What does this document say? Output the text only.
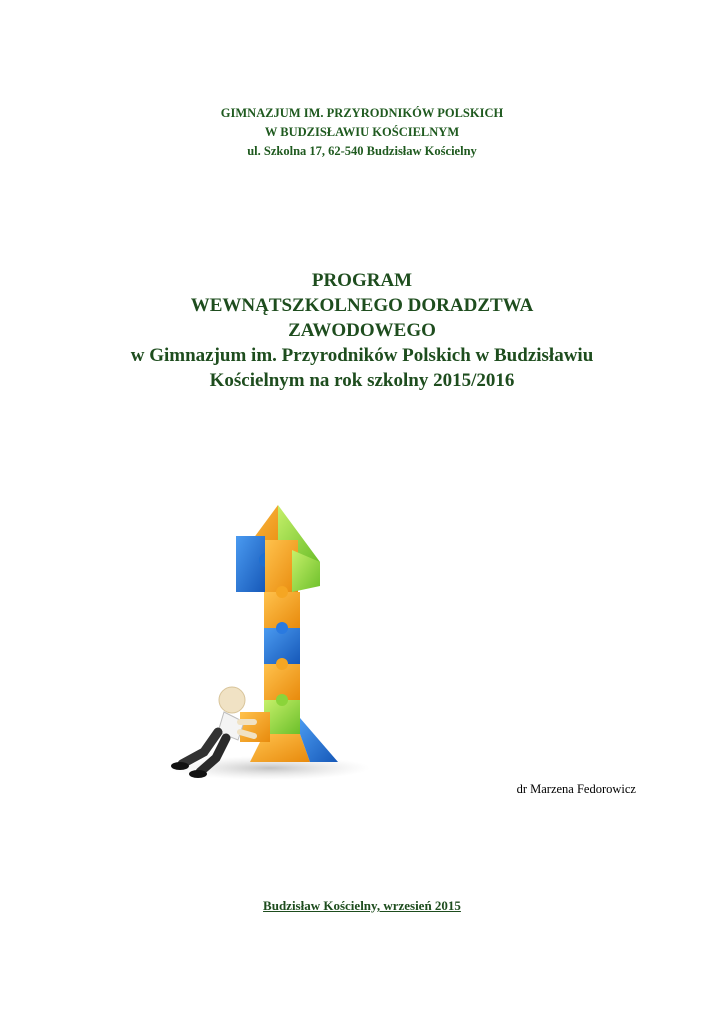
GIMNAZJUM IM. PRZYRODNIKÓW POLSKICH
W BUDZISŁAWIU KOŚCIELNYM
ul. Szkolna 17, 62-540 Budzisław Kościelny
PROGRAM
WEWNĄTSZKOLNEGO DORADZTWA
ZAWODOWEGO
w Gimnazjum im. Przyrodników Polskich w Budzisławiu
Kościelnym na rok szkolny 2015/2016
dr Marzena Fedorowicz
Budzisław Kościelny, wrzesień 2015
